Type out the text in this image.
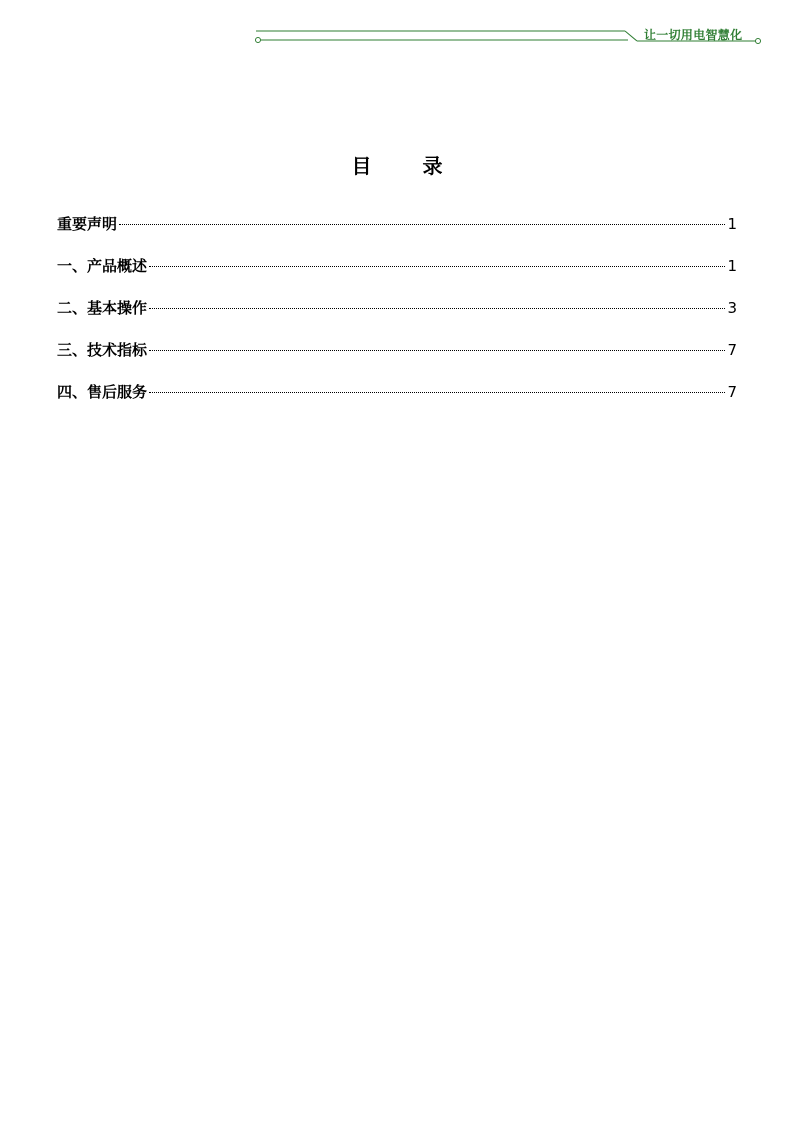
让一切用电智慧化
目 录
重要声明	1
一、产品概述	1
二、基本操作	3
三、技术指标	7
四、售后服务	7
